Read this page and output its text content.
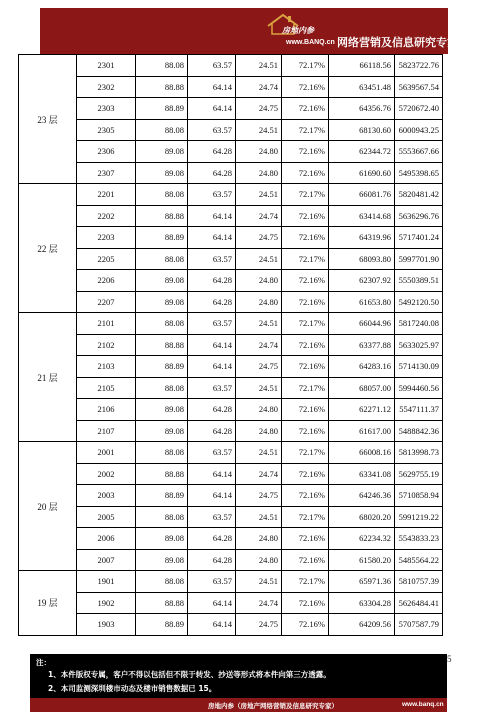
房地内参
www.BANQ.cn 网络营销及信息研究专家
23 层	2301	88.08	63.57	24.51	72.17%	66118.56	5823722.76
	2302	88.88	64.14	24.74	72.16%	63451.48	5639567.54
	2303	88.89	64.14	24.75	72.16%	64356.76	5720672.40
	2305	88.08	63.57	24.51	72.17%	68130.60	6000943.25
	2306	89.08	64.28	24.80	72.16%	62344.72	5553667.66
	2307	89.08	64.28	24.80	72.16%	61690.60	5495398.65
22 层	2201	88.08	63.57	24.51	72.17%	66081.76	5820481.42
	2202	88.88	64.14	24.74	72.16%	63414.68	5636296.76
	2203	88.89	64.14	24.75	72.16%	64319.96	5717401.24
	2205	88.08	63.57	24.51	72.17%	68093.80	5997701.90
	2206	89.08	64.28	24.80	72.16%	62307.92	5550389.51
	2207	89.08	64.28	24.80	72.16%	61653.80	5492120.50
21 层	2101	88.08	63.57	24.51	72.17%	66044.96	5817240.08
	2102	88.88	64.14	24.74	72.16%	63377.88	5633025.97
	2103	88.89	64.14	24.75	72.16%	64283.16	5714130.09
	2105	88.08	63.57	24.51	72.17%	68057.00	5994460.56
	2106	89.08	64.28	24.80	72.16%	62271.12	5547111.37
	2107	89.08	64.28	24.80	72.16%	61617.00	5488842.36
20 层	2001	88.08	63.57	24.51	72.17%	66008.16	5813998.73
	2002	88.88	64.14	24.74	72.16%	63341.08	5629755.19
	2003	88.89	64.14	24.75	72.16%	64246.36	5710858.94
	2005	88.08	63.57	24.51	72.17%	68020.20	5991219.22
	2006	89.08	64.28	24.80	72.16%	62234.32	5543833.23
	2007	89.08	64.28	24.80	72.16%	61580.20	5485564.22
19 层	1901	88.08	63.57	24.51	72.17%	65971.36	5810757.39
	1902	88.88	64.14	24.74	72.16%	63304.28	5626484.41
	1903	88.89	64.14	24.75	72.16%	64209.56	5707587.79
5
注：
1、本件版权专属，客户不得以包括但不限于转发、抄送等形式将本件向第三方透露。
2、本司监测深圳楼市动态及楼市销售数据已 15。
房地内参（房地产网络营销及信息研究专家）	www.banq.cn
